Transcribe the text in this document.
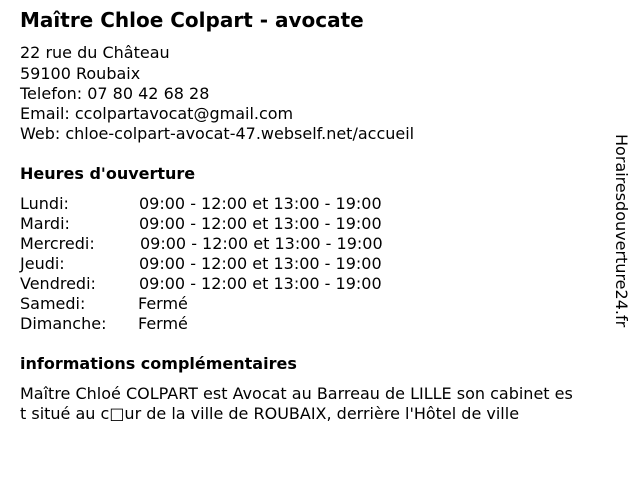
Maître Chloe Colpart - avocate
22 rue du Château
59100 Roubaix
Telefon: 07 80 42 68 28
Email: ccolpartavocat@gmail.com
Web: chloe-colpart-avocat-47.webself.net/accueil
Heures d'ouverture
Lundi:	09:00 - 12:00 et 13:00 - 19:00
Mardi:	09:00 - 12:00 et 13:00 - 19:00
Mercredi:	09:00 - 12:00 et 13:00 - 19:00
Jeudi:	09:00 - 12:00 et 13:00 - 19:00
Vendredi:	09:00 - 12:00 et 13:00 - 19:00
Samedi:	Fermé
Dimanche: Fermé
informations complémentaires
Maître Chloé COLPART est Avocat au Barreau de LILLE son cabinet es
t situé au c□ur de la ville de ROUBAIX, derrière l'Hôtel de ville
Horairesdouverture24.fr
